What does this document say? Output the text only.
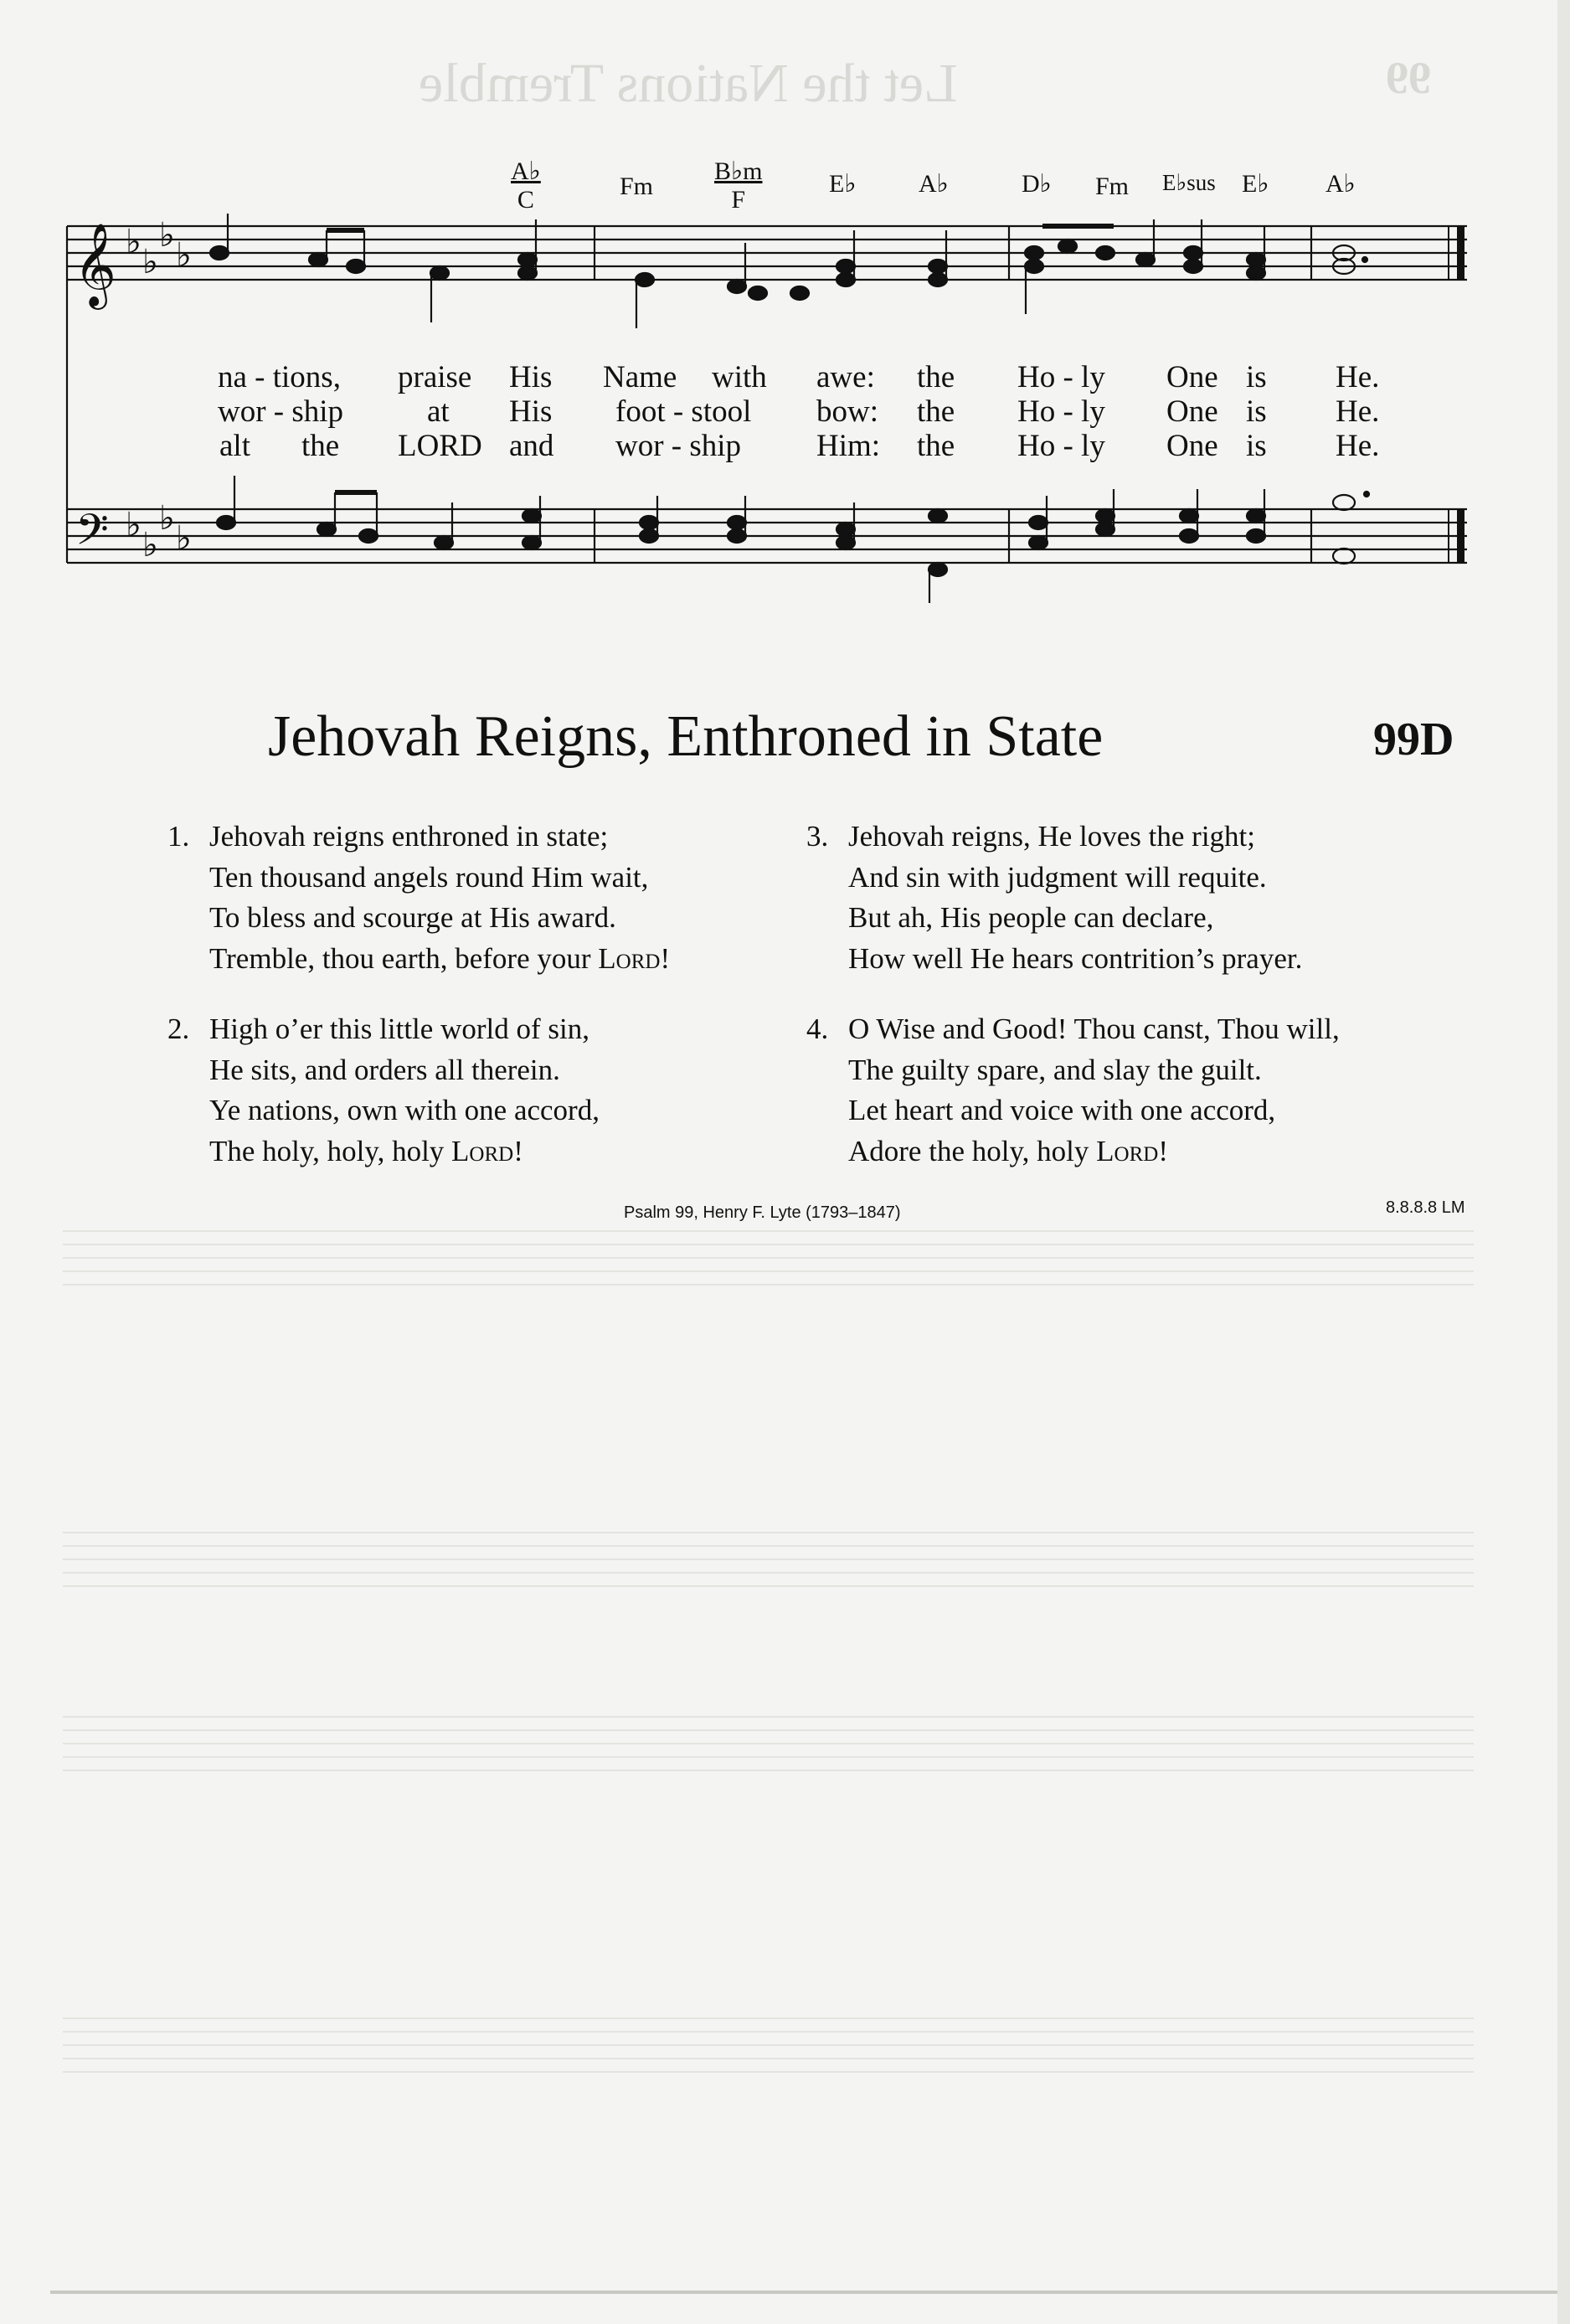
Let the Nations Tremble	99
A♭
C	Fm
B♭m
F
E♭ A♭	D♭ Fm E♭sus E♭ A♭
𝄞
𝄢
♭
♭
♭
♭
♭
♭
♭
♭
na - tions, praise His Name with awe: the Ho - ly One is He.
wor - ship	at His foot - stool bow: the Ho - ly One is He.
alt the LORD and wor - ship Him: the Ho - ly One is He.
Jehovah Reigns, Enthroned in State	99D
1. Jehovah reigns enthroned in state;
Ten thousand angels round Him wait,
To bless and scourge at His award.
Tremble, thou earth, before your Lord!
2. High o’er this little world of sin,
He sits, and orders all therein.
Ye nations, own with one accord,
The holy, holy, holy Lord!
3. Jehovah reigns, He loves the right;
And sin with judgment will requite.
But ah, His people can declare,
How well He hears contrition’s prayer.
4. O Wise and Good! Thou canst, Thou will,
The guilty spare, and slay the guilt.
Let heart and voice with one accord,
Adore the holy, holy Lord!
Psalm 99, Henry F. Lyte (1793–1847)	8.8.8.8 LM
